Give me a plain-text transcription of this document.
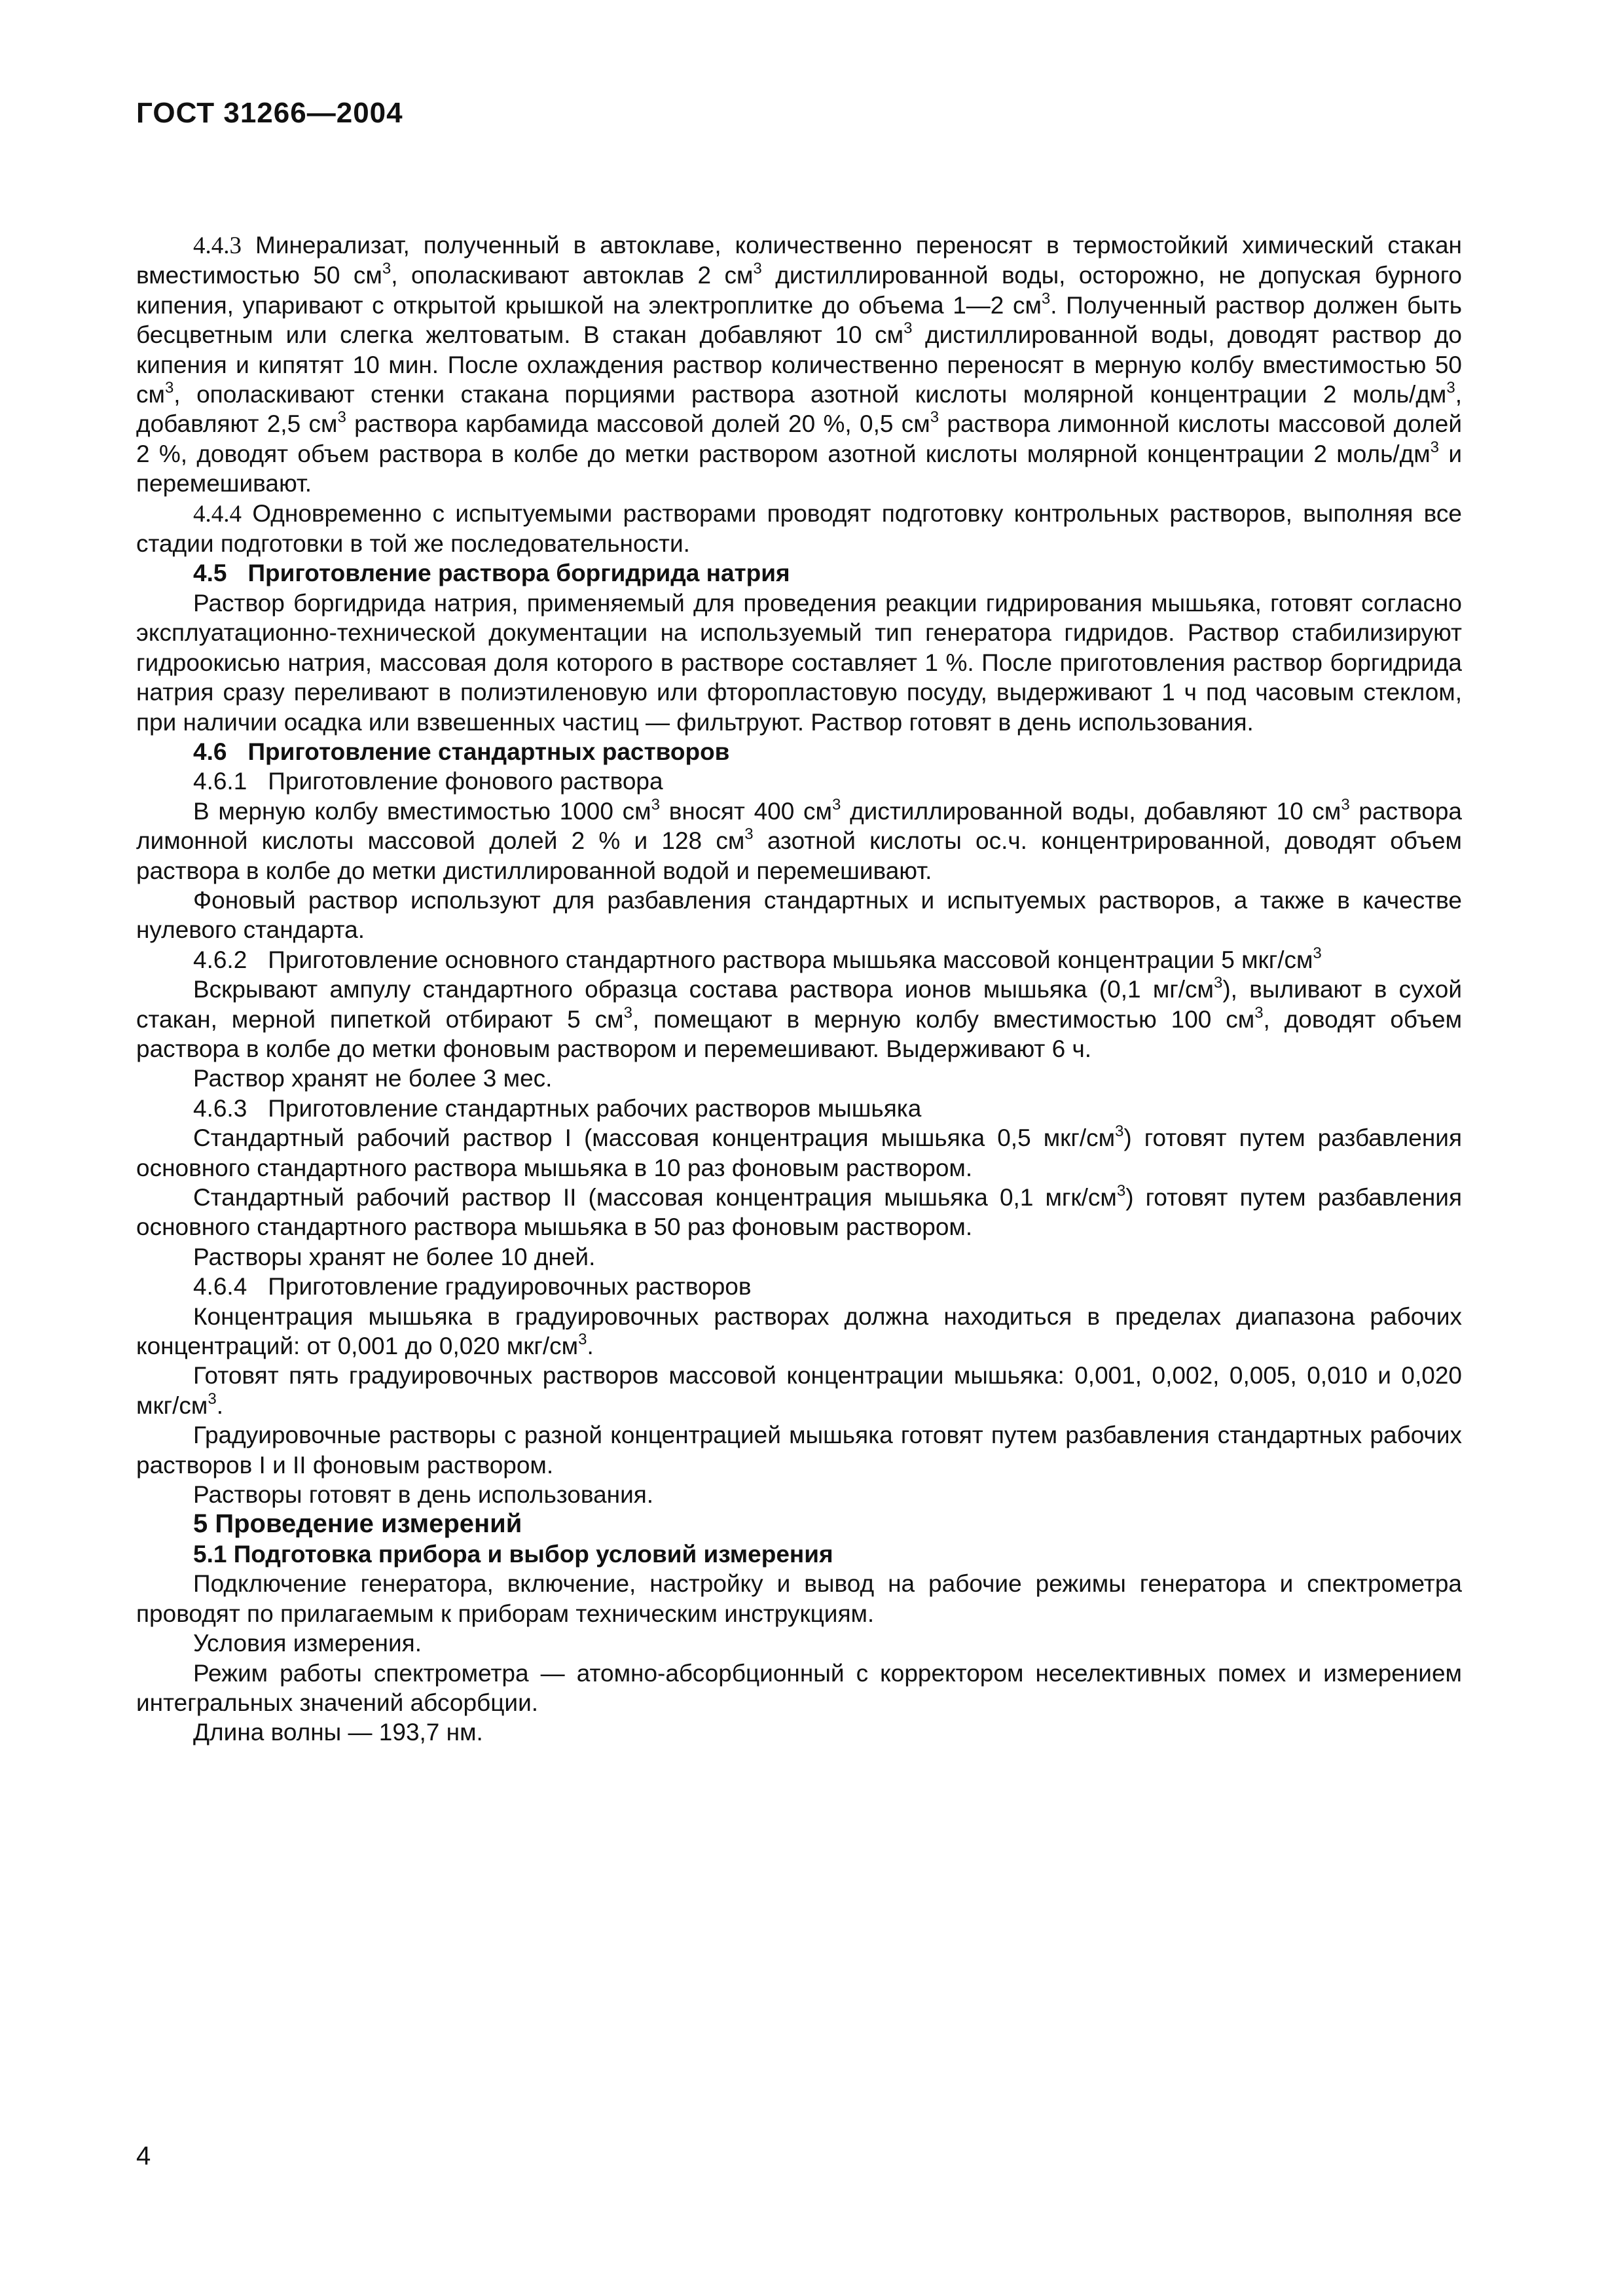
ГОСТ 31266—2004

4.4.3 Минерализат, полученный в автоклаве, количественно переносят в термостойкий химический стакан вместимостью 50 $см^3$, ополаскивают автоклав 2 $см^3$ дистиллированной воды, осторожно, не допуская бурного кипения, упаривают с открытой крышкой на электроплитке до объема 1—2 $см^3$. Полученный раствор должен быть бесцветным или слегка желтоватым. В стакан добавляют 10 $см^3$ дистиллированной воды, доводят раствор до кипения и кипятят 10 мин. После охлаждения раствор количественно переносят в мерную колбу вместимостью 50 $см^3$, ополаскивают стенки стакана порциями раствора азотной кислоты молярной концентрации 2 моль/$дм^3$, добавляют 2,5 $см^3$ раствора карбамида массовой долей 20 %, 0,5 $см^3$ раствора лимонной кислоты массовой долей 2 %, доводят объем раствора в колбе до метки раствором азотной кислоты молярной концентрации 2 моль/$дм^3$ и перемешивают.

4.4.4 Одновременно с испытуемыми растворами проводят подготовку контрольных растворов, выполняя все стадии подготовки в той же последовательности.

4.5 Приготовление раствора боргидрида натрия

Раствор боргидрида натрия, применяемый для проведения реакции гидрирования мышьяка, готовят согласно эксплуатационно-технической документации на используемый тип генератора гидридов. Раствор стабилизируют гидроокисью натрия, массовая доля которого в растворе составляет 1 %. После приготовления раствор боргидрида натрия сразу переливают в полиэтиленовую или фторопластовую посуду, выдерживают 1 ч под часовым стеклом, при наличии осадка или взвешенных частиц — фильтруют. Раствор готовят в день использования.

4.6 Приготовление стандартных растворов

4.6.1 Приготовление фонового раствора

В мерную колбу вместимостью 1000 $см^3$ вносят 400 $см^3$ дистиллированной воды, добавляют 10 $см^3$ раствора лимонной кислоты массовой долей 2 % и 128 $см^3$ азотной кислоты ос.ч. концентрированной, доводят объем раствора в колбе до метки дистиллированной водой и перемешивают.

Фоновый раствор используют для разбавления стандартных и испытуемых растворов, а также в качестве нулевого стандарта.

4.6.2 Приготовление основного стандартного раствора мышьяка массовой концентрации 5 мкг/$см^3$

Вскрывают ампулу стандартного образца состава раствора ионов мышьяка (0,1 $мг/см^3$), выливают в сухой стакан, мерной пипеткой отбирают 5 $см^3$, помещают в мерную колбу вместимостью 100 $см^3$, доводят объем раствора в колбе до метки фоновым раствором и перемешивают. Выдерживают 6 ч.

Раствор хранят не более 3 мес.

4.6.3 Приготовление стандартных рабочих растворов мышьяка

Стандартный рабочий раствор I (массовая концентрация мышьяка 0,5 мкг/$см^3$) готовят путем разбавления основного стандартного раствора мышьяка в 10 раз фоновым раствором.

Стандартный рабочий раствор II (массовая концентрация мышьяка 0,1 мгк/$см^3$) готовят путем разбавления основного стандартного раствора мышьяка в 50 раз фоновым раствором.

Растворы хранят не более 10 дней.

4.6.4 Приготовление градуировочных растворов

Концентрация мышьяка в градуировочных растворах должна находиться в пределах диапазона рабочих концентраций: от 0,001 до 0,020 мкг/$см^3$.

Готовят пять градуировочных растворов массовой концентрации мышьяка: 0,001, 0,002, 0,005, 0,010 и 0,020 мкг/$см^3$.

Градуировочные растворы с разной концентрацией мышьяка готовят путем разбавления стандартных рабочих растворов I и II фоновым раствором.

Растворы готовят в день использования.

5 Проведение измерений

5.1 Подготовка прибора и выбор условий измерения

Подключение генератора, включение, настройку и вывод на рабочие режимы генератора и спектрометра проводят по прилагаемым к приборам техническим инструкциям.

Условия измерения.

Режим работы спектрометра — атомно-абсорбционный с корректором неселективных помех и измерением интегральных значений абсорбции.

Длина волны — 193,7 нм.

4
